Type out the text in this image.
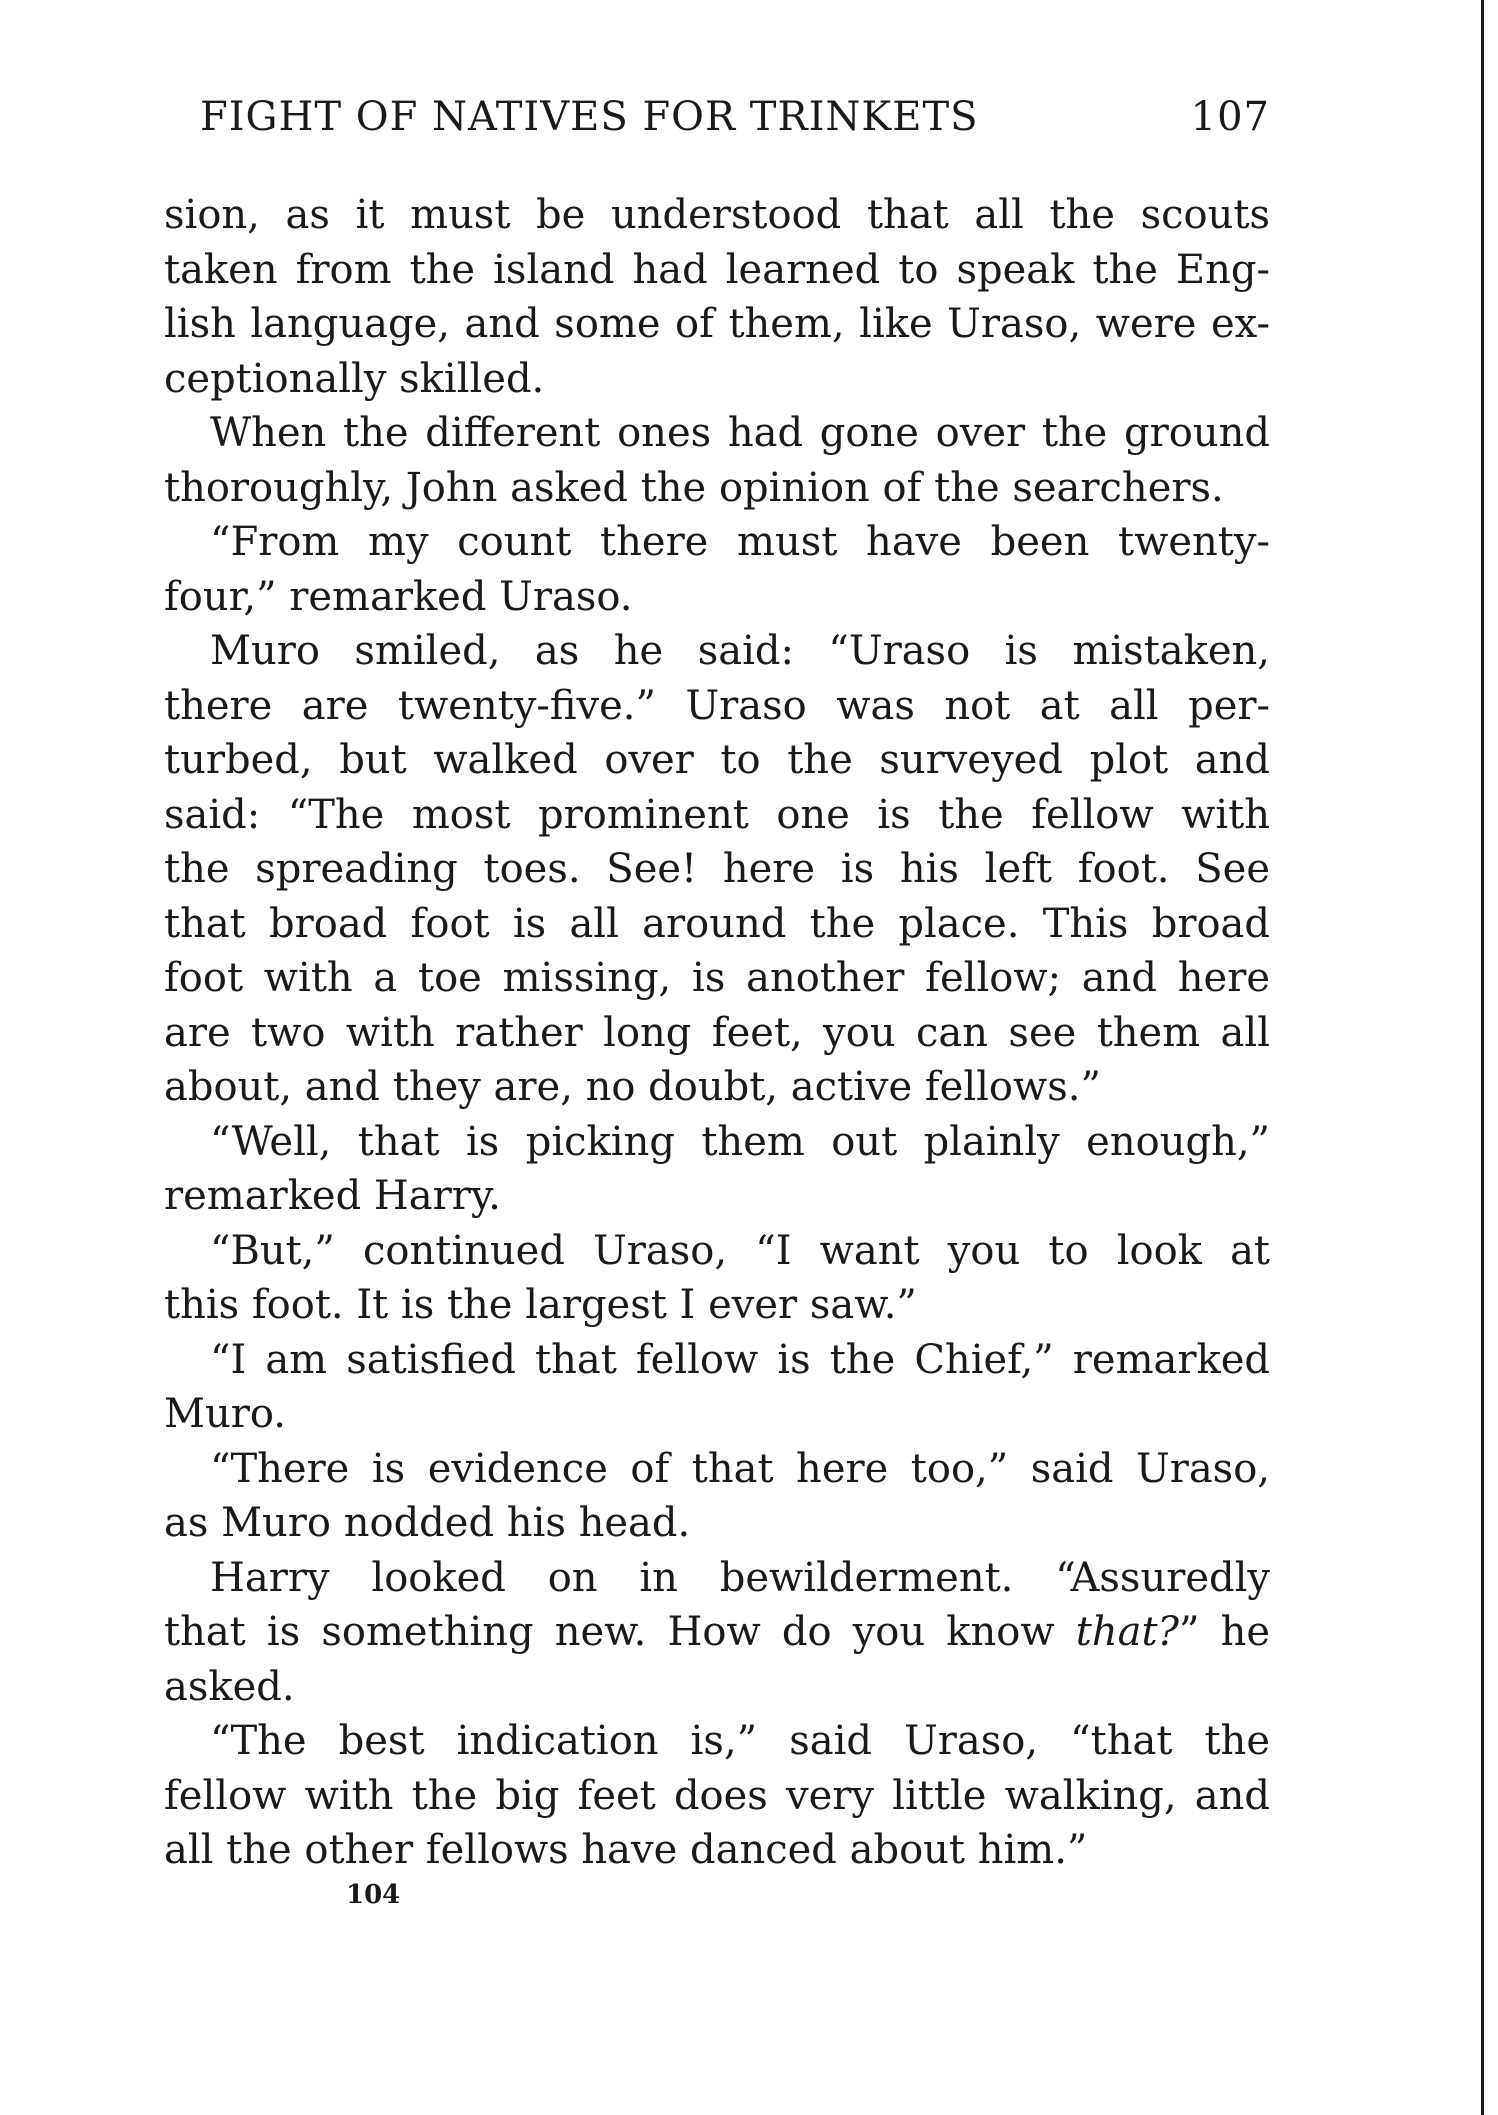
FIGHT OF NATIVES FOR TRINKETS	107

sion, as it must be understood that all the scouts
taken from the island had learned to speak the Eng-
lish language, and some of them, like Uraso, were ex-
ceptionally skilled.

When the different ones had gone over the ground
thoroughly, John asked the opinion of the searchers.

“From my count there must have been twenty-
four,” remarked Uraso.

Muro smiled, as he said: “Uraso is mistaken,
there are twenty-five.” Uraso was not at all per-
turbed, but walked over to the surveyed plot and
said: “The most prominent one is the fellow with
the spreading toes. See! here is his left foot. See
that broad foot is all around the place. This broad
foot with a toe missing, is another fellow; and here
are two with rather long feet, you can see them all
about, and they are, no doubt, active fellows.”

“Well, that is picking them out plainly enough,”
remarked Harry.

“But,” continued Uraso, “I want you to look at
this foot. It is the largest I ever saw.”

“I am satisfied that fellow is the Chief,” remarked
Muro.

“There is evidence of that here too,” said Uraso,
as Muro nodded his head.

Harry looked on in bewilderment. “Assuredly
that is something new. How do you know that?” he
asked.

“The best indication is,” said Uraso, “that the
fellow with the big feet does very little walking, and
all the other fellows have danced about him.”

104
